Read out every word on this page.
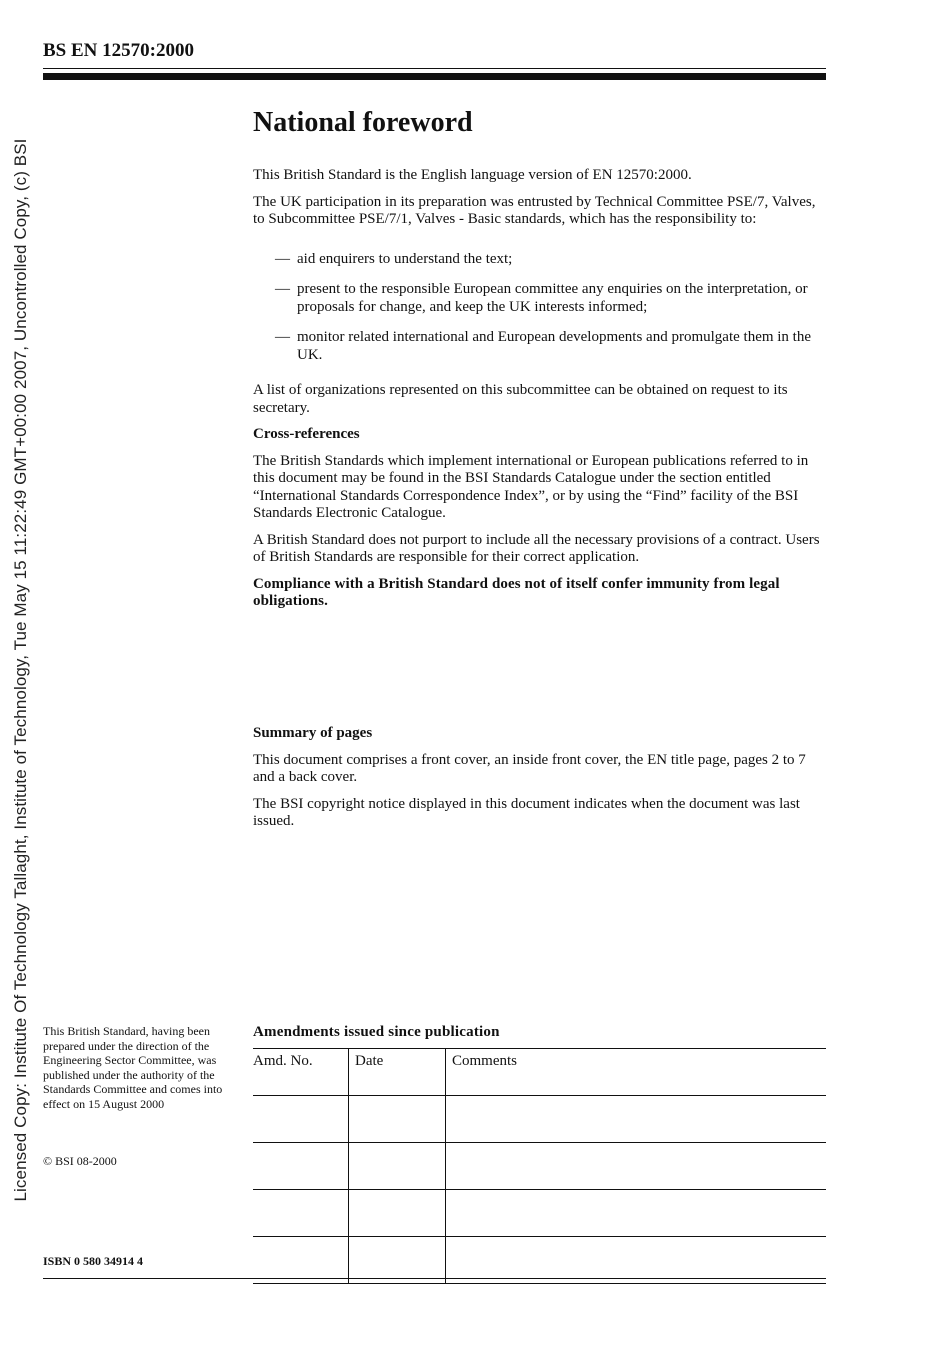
Licensed Copy: Institute Of Technology Tallaght, Institute of Technology, Tue May 15 11:22:49 GMT+00:00 2007, Uncontrolled Copy, (c) BSI
BS EN 12570:2000
National foreword

This British Standard is the English language version of EN 12570:2000.

The UK participation in its preparation was entrusted by Technical Committee PSE/7, Valves, to Subcommittee PSE/7/1, Valves - Basic standards, which has the responsibility to:

— aid enquirers to understand the text;
— present to the responsible European committee any enquiries on the interpretation, or proposals for change, and keep the UK interests informed;
— monitor related international and European developments and promulgate them in the UK.

A list of organizations represented on this subcommittee can be obtained on request to its secretary.

Cross-references

The British Standards which implement international or European publications referred to in this document may be found in the BSI Standards Catalogue under the section entitled “International Standards Correspondence Index”, or by using the “Find” facility of the BSI Standards Electronic Catalogue.

A British Standard does not purport to include all the necessary provisions of a contract. Users of British Standards are responsible for their correct application.

Compliance with a British Standard does not of itself confer immunity from legal obligations.

Summary of pages

This document comprises a front cover, an inside front cover, the EN title page, pages 2 to 7 and a back cover.

The BSI copyright notice displayed in this document indicates when the document was last issued.

This British Standard, having been prepared under the direction of the Engineering Sector Committee, was published under the authority of the Standards Committee and comes into effect on 15 August 2000
© BSI 08-2000
ISBN 0 580 34914 4
Amendments issued since publication
Amd. No.	Date	Comments
